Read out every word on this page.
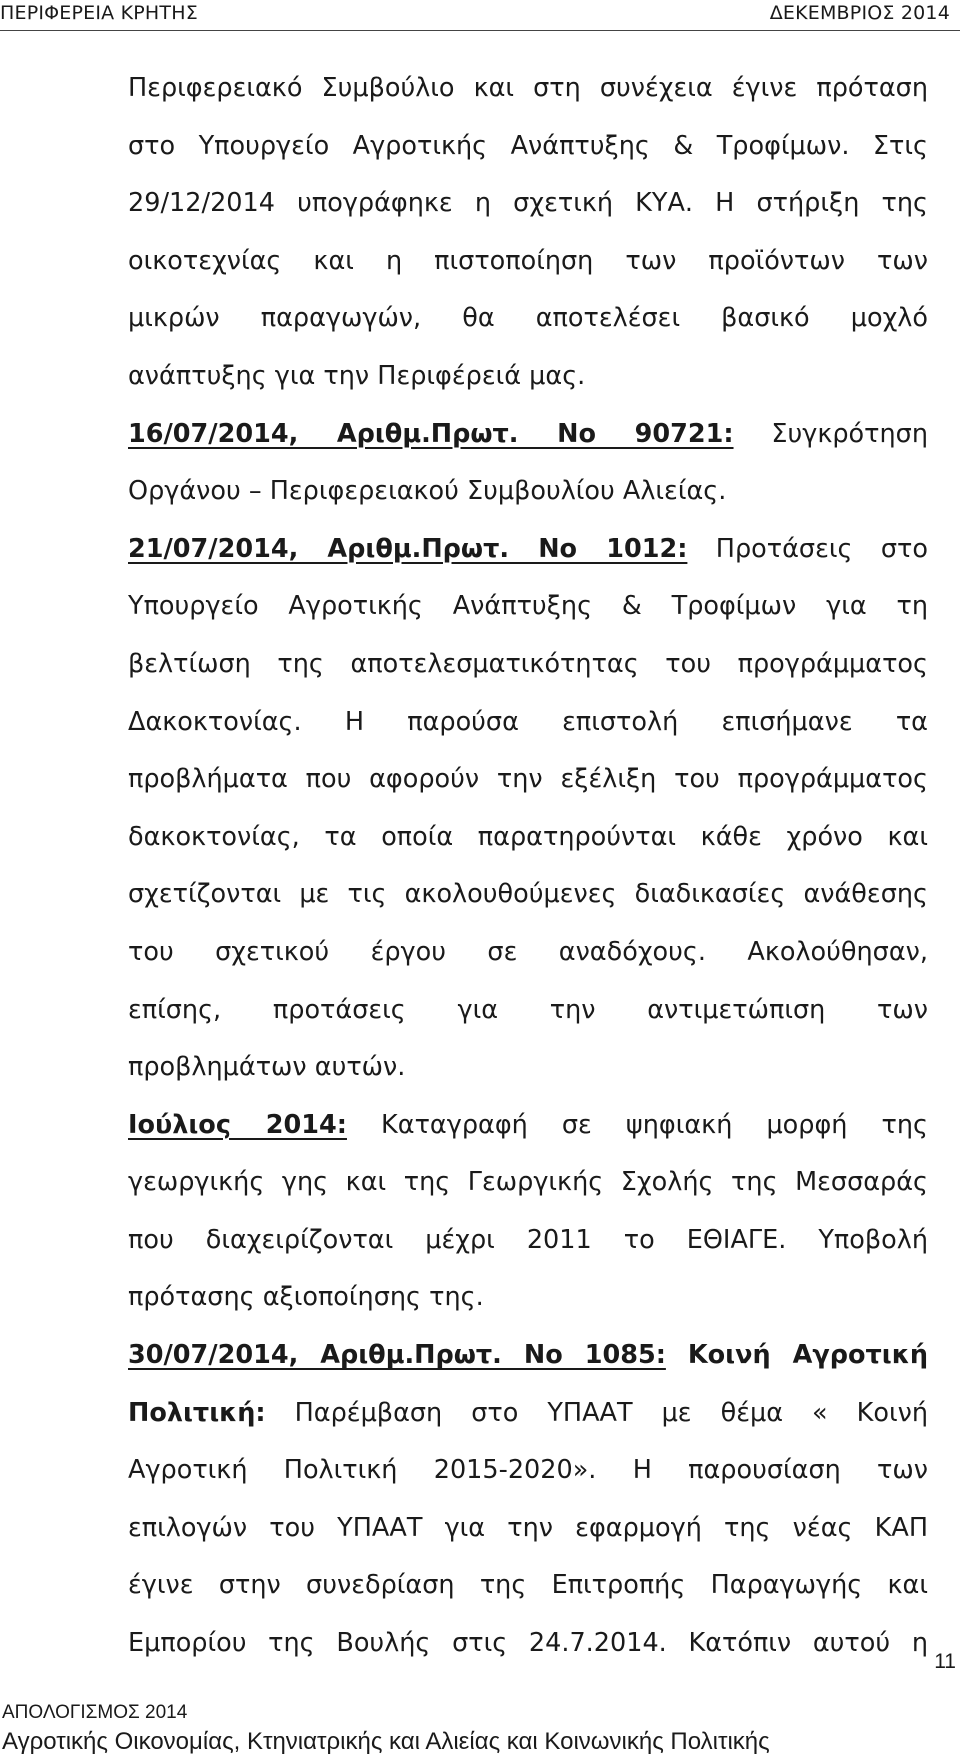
ΠΕΡΙΦΕΡΕΙΑ ΚΡΗΤΗΣ	ΔΕΚΕΜΒΡΙΟΣ 2014
Περιφερειακό Συμβούλιο και στη συνέχεια έγινε πρόταση
στο Υπουργείο Αγροτικής Ανάπτυξης & Τροφίμων. Στις
29/12/2014 υπογράφηκε η σχετική ΚΥΑ. Η στήριξη της
οικοτεχνίας και η πιστοποίηση των προϊόντων των
μικρών παραγωγών, θα αποτελέσει βασικό μοχλό
ανάπτυξης για την Περιφέρειά μας.
16/07/2014, Αριθμ.Πρωτ. Νο 90721: Συγκρότηση
Οργάνου – Περιφερειακού Συμβουλίου Αλιείας.
21/07/2014, Αριθμ.Πρωτ. Νο 1012: Προτάσεις στο
Υπουργείο Αγροτικής Ανάπτυξης & Τροφίμων για τη
βελτίωση της αποτελεσματικότητας του προγράμματος
Δακοκτονίας. Η παρούσα επιστολή επισήμανε τα
προβλήματα που αφορούν την εξέλιξη του προγράμματος
δακοκτονίας, τα οποία παρατηρούνται κάθε χρόνο και
σχετίζονται με τις ακολουθούμενες διαδικασίες ανάθεσης
του σχετικού έργου σε αναδόχους. Ακολούθησαν,
επίσης, προτάσεις για την αντιμετώπιση των
προβλημάτων αυτών.
Ιούλιος 2014: Καταγραφή σε ψηφιακή μορφή της
γεωργικής γης και της Γεωργικής Σχολής της Μεσσαράς
που διαχειρίζονται μέχρι 2011 το ΕΘΙΑΓΕ. Υποβολή
πρότασης αξιοποίησης της.
30/07/2014, Αριθμ.Πρωτ. Νο 1085: Κοινή Αγροτική
Πολιτική: Παρέμβαση στο ΥΠΑΑΤ με θέμα « Κοινή
Αγροτική Πολιτική 2015-2020». Η παρουσίαση των
επιλογών του ΥΠΑΑΤ για την εφαρμογή της νέας ΚΑΠ
έγινε στην συνεδρίαση της Επιτροπής Παραγωγής και
Εμπορίου της Βουλής στις 24.7.2014. Κατόπιν αυτού η
11
ΑΠΟΛΟΓΙΣΜΟΣ 2014
Αγροτικής Οικονομίας, Κτηνιατρικής και Αλιείας και Κοινωνικής Πολιτικής
